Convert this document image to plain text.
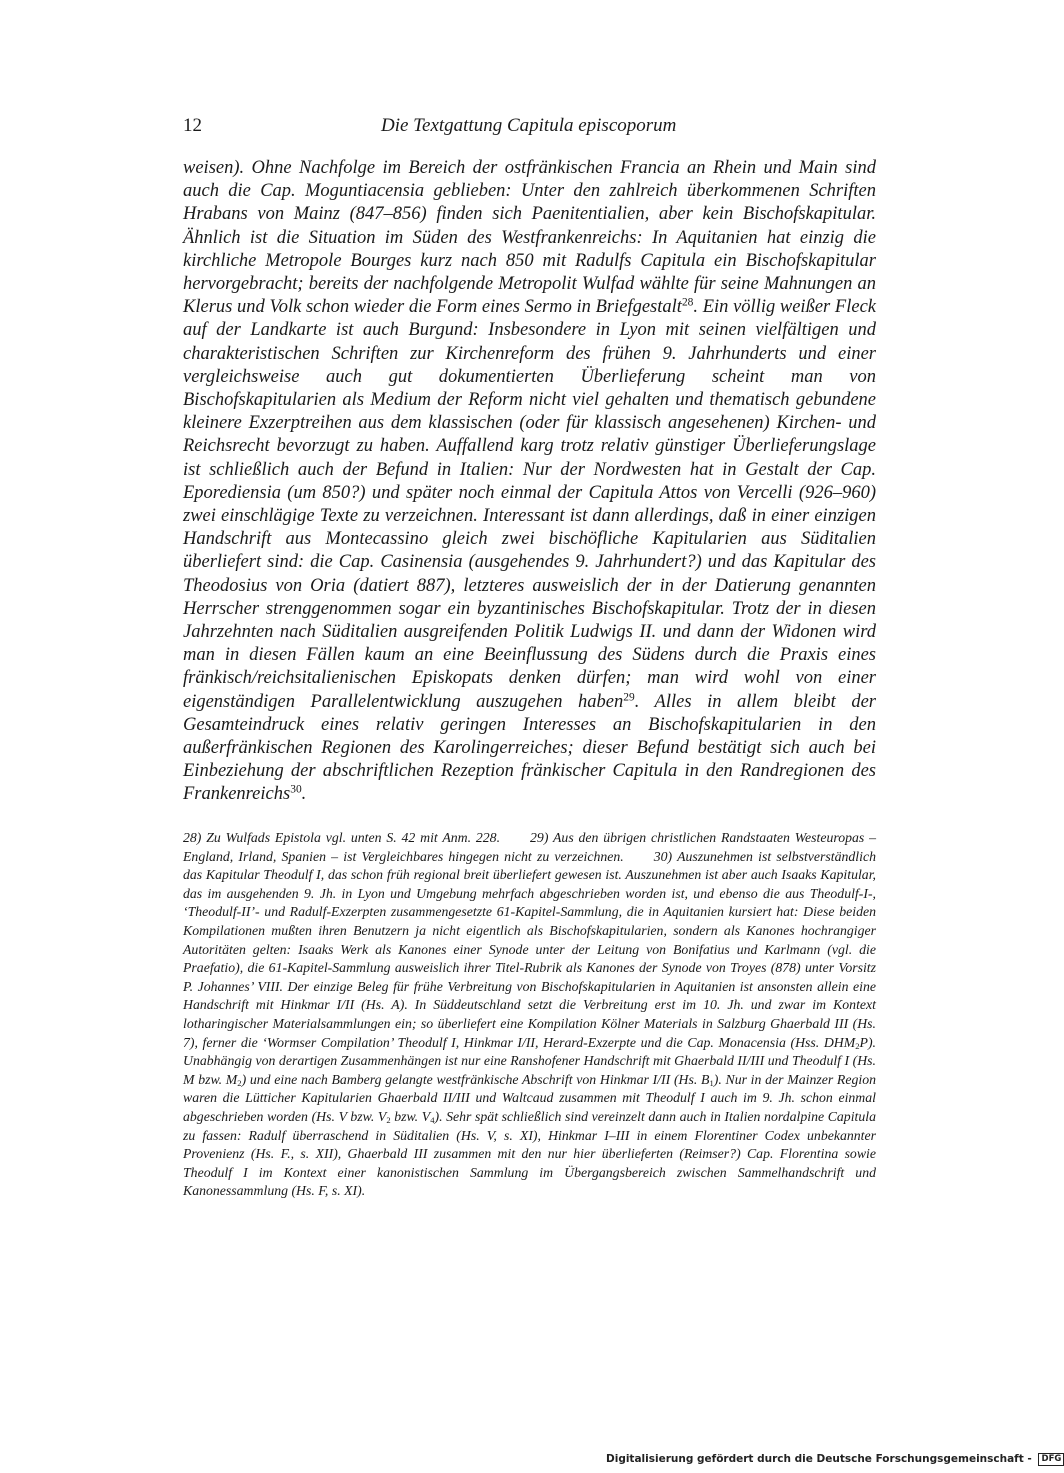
12	Die Textgattung Capitula episcoporum

weisen). Ohne Nachfolge im Bereich der ostfränkischen Francia an Rhein und Main sind auch die Cap. Moguntiacensia geblieben: Unter den zahlreich überkommenen Schriften Hrabans von Mainz (847–856) finden sich Paenitentialien, aber kein Bischofskapitular. Ähnlich ist die Situation im Süden des Westfrankenreichs: In Aquitanien hat einzig die kirchliche Metropole Bourges kurz nach 850 mit Radulfs Capitula ein Bischofskapitular hervorgebracht; bereits der nachfolgende Metropolit Wulfad wählte für seine Mahnungen an Klerus und Volk schon wieder die Form eines Sermo in Briefgestalt$^{28}$. Ein völlig weißer Fleck auf der Landkarte ist auch Burgund: Insbesondere in Lyon mit seinen vielfältigen und charakteristischen Schriften zur Kirchenreform des frühen 9. Jahrhunderts und einer vergleichsweise auch gut dokumentierten Überlieferung scheint man von Bischofskapitularien als Medium der Reform nicht viel gehalten und thematisch gebundene kleinere Exzerptreihen aus dem klassischen (oder für klassisch angesehenen) Kirchen- und Reichsrecht bevorzugt zu haben. Auffallend karg trotz relativ günstiger Überlieferungslage ist schließlich auch der Befund in Italien: Nur der Nordwesten hat in Gestalt der Cap. Eporediensia (um 850?) und später noch einmal der Capitula Attos von Vercelli (926–960) zwei einschlägige Texte zu verzeichnen. Interessant ist dann allerdings, daß in einer einzigen Handschrift aus Montecassino gleich zwei bischöfliche Kapitularien aus Süditalien überliefert sind: die Cap. Casinensia (ausgehendes 9. Jahrhundert?) und das Kapitular des Theodosius von Oria (datiert 887), letzteres ausweislich der in der Datierung genannten Herrscher strenggenommen sogar ein byzantinisches Bischofskapitular. Trotz der in diesen Jahrzehnten nach Süditalien ausgreifenden Politik Ludwigs II. und dann der Widonen wird man in diesen Fällen kaum an eine Beeinflussung des Südens durch die Praxis eines fränkisch/reichsitalienischen Episkopats denken dürfen; man wird wohl von einer eigenständigen Parallelentwicklung auszugehen haben$^{29}$. Alles in allem bleibt der Gesamteindruck eines relativ geringen Interesses an Bischofskapitularien in den außerfränkischen Regionen des Karolingerreiches; dieser Befund bestätigt sich auch bei Einbeziehung der abschriftlichen Rezeption fränkischer Capitula in den Randregionen des Frankenreichs$^{30}$.

28) Zu Wulfads Epistola vgl. unten S. 42 mit Anm. 228. 29) Aus den übrigen christlichen Randstaaten Westeuropas – England, Irland, Spanien – ist Vergleichbares hingegen nicht zu verzeichnen. 30) Auszunehmen ist selbstverständlich das Kapitular Theodulf I, das schon früh regional breit überliefert gewesen ist. Auszunehmen ist aber auch Isaaks Kapitular, das im ausgehenden 9. Jh. in Lyon und Umgebung mehrfach abgeschrieben worden ist, und ebenso die aus Theodulf-I-, ‘Theodulf-II’- und Radulf-Exzerpten zusammengesetzte 61-Kapitel-Sammlung, die in Aquitanien kursiert hat: Diese beiden Kompilationen mußten ihren Benutzern ja nicht eigentlich als Bischofskapitularien, sondern als Kanones hochrangiger Autoritäten gelten: Isaaks Werk als Kanones einer Synode unter der Leitung von Bonifatius und Karlmann (vgl. die Praefatio), die 61-Kapitel-Sammlung ausweislich ihrer Titel-Rubrik als Kanones der Synode von Troyes (878) unter Vorsitz P. Johannes’ VIII. Der einzige Beleg für frühe Verbreitung von Bischofskapitularien in Aquitanien ist ansonsten allein eine Handschrift mit Hinkmar I/II (Hs. A). In Süddeutschland setzt die Verbreitung erst im 10. Jh. und zwar im Kontext lotharingischer Materialsammlungen ein; so überliefert eine Kompilation Kölner Materials in Salzburg Ghaerbald III (Hs. 7), ferner die ‘Wormser Compilation’ Theodulf I, Hinkmar I/II, Herard-Exzerpte und die Cap. Monacensia (Hss. $DHM_2P$). Unabhängig von derartigen Zusammenhängen ist nur eine Ranshofener Handschrift mit Ghaerbald II/III und Theodulf I (Hs. M bzw. $M_2$) und eine nach Bamberg gelangte westfränkische Abschrift von Hinkmar I/II (Hs. $B_1$). Nur in der Mainzer Region waren die Lütticher Kapitularien Ghaerbald II/III und Waltcaud zusammen mit Theodulf I auch im 9. Jh. schon einmal abgeschrieben worden (Hs. V bzw. $V_2$ bzw. $V_4$). Sehr spät schließlich sind vereinzelt dann auch in Italien nordalpine Capitula zu fassen: Radulf überraschend in Süditalien (Hs. V, s. XI), Hinkmar I–III in einem Florentiner Codex unbekannter Provenienz (Hs. F., s. XII), Ghaerbald III zusammen mit den nur hier überlieferten (Reimser?) Cap. Florentina sowie Theodulf I im Kontext einer kanonistischen Sammlung im Übergangsbereich zwischen Sammelhandschrift und Kanonessammlung (Hs. F, s. XI).

Digitalisierung gefördert durch die Deutsche Forschungsgemeinschaft - DFG
